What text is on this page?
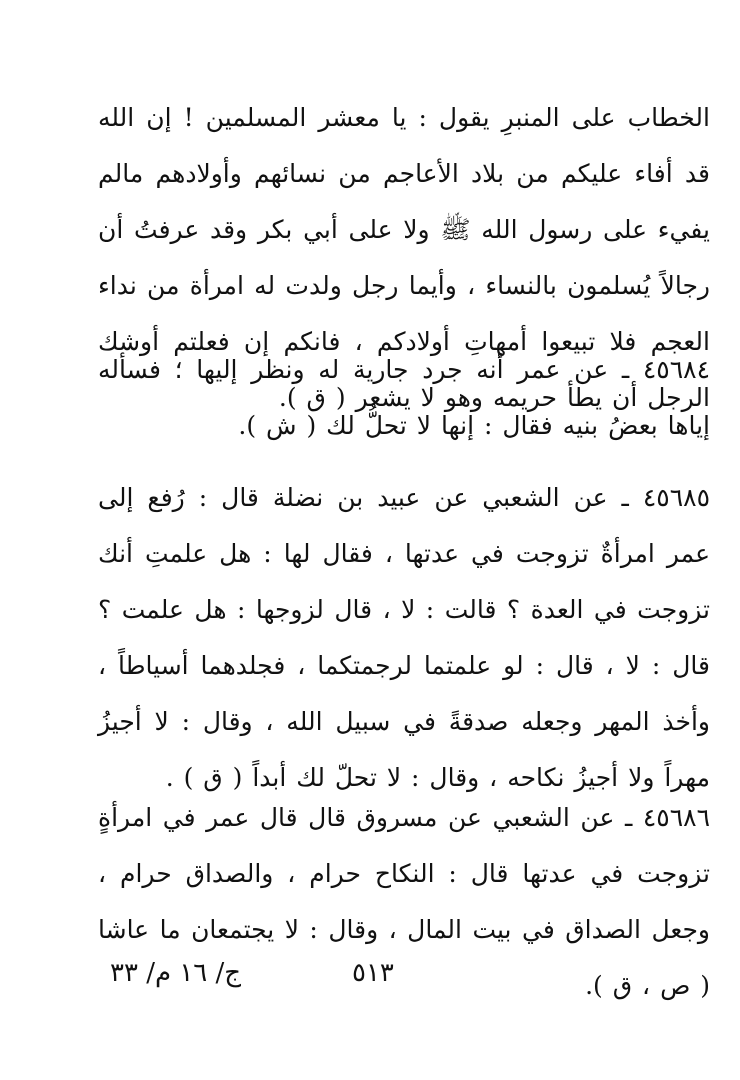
الخطاب على المنبرِ يقول : يا معشر المسلمين ! إن الله قد أفاء عليكم من بلاد الأعاجم من نسائهم وأولادهم مالم يفيء على رسول الله ﷺ ولا على أبي بكر وقد عرفتُ أن رجالاً يُسلمون بالنساء ، وأيما رجل ولدت له امرأة من نداء العجم فلا تبيعوا أمهاتِ أولادكم ، فانكم إن فعلتم أوشك الرجل أن يطأ حريمه وهو لا يشعر ( ق ).

٤٥٦٨٤ ـ عن عمر أنه جرد جارية له ونظر إليها ؛ فسأله إياها بعضُ بنيه فقال : إنها لا تحلُّ لك ( ش ).

٤٥٦٨٥ ـ عن الشعبي عن عبيد بن نضلة قال : رُفع إلى عمر امرأةٌ تزوجت في عدتها ، فقال لها : هل علمتِ أنك تزوجت في العدة ؟ قالت : لا ، قال لزوجها : هل علمت ؟ قال : لا ، قال : لو علمتما لرجمتكما ، فجلدهما أسياطاً ، وأخذ المهر وجعله صدقةً في سبيل الله ، وقال : لا أجيزُ مهراً ولا أجيزُ نكاحه ، وقال : لا تحلّ لك أبداً ( ق ) .

٤٥٦٨٦ ـ عن الشعبي عن مسروق قال قال عمر في امرأةٍ تزوجت في عدتها قال : النكاح حرام ، والصداق حرام ، وجعل الصداق في بيت المال ، وقال : لا يجتمعان ما عاشا ( ص ، ق ).

٥١٣
ج/ ١٦ م/ ٣٣
